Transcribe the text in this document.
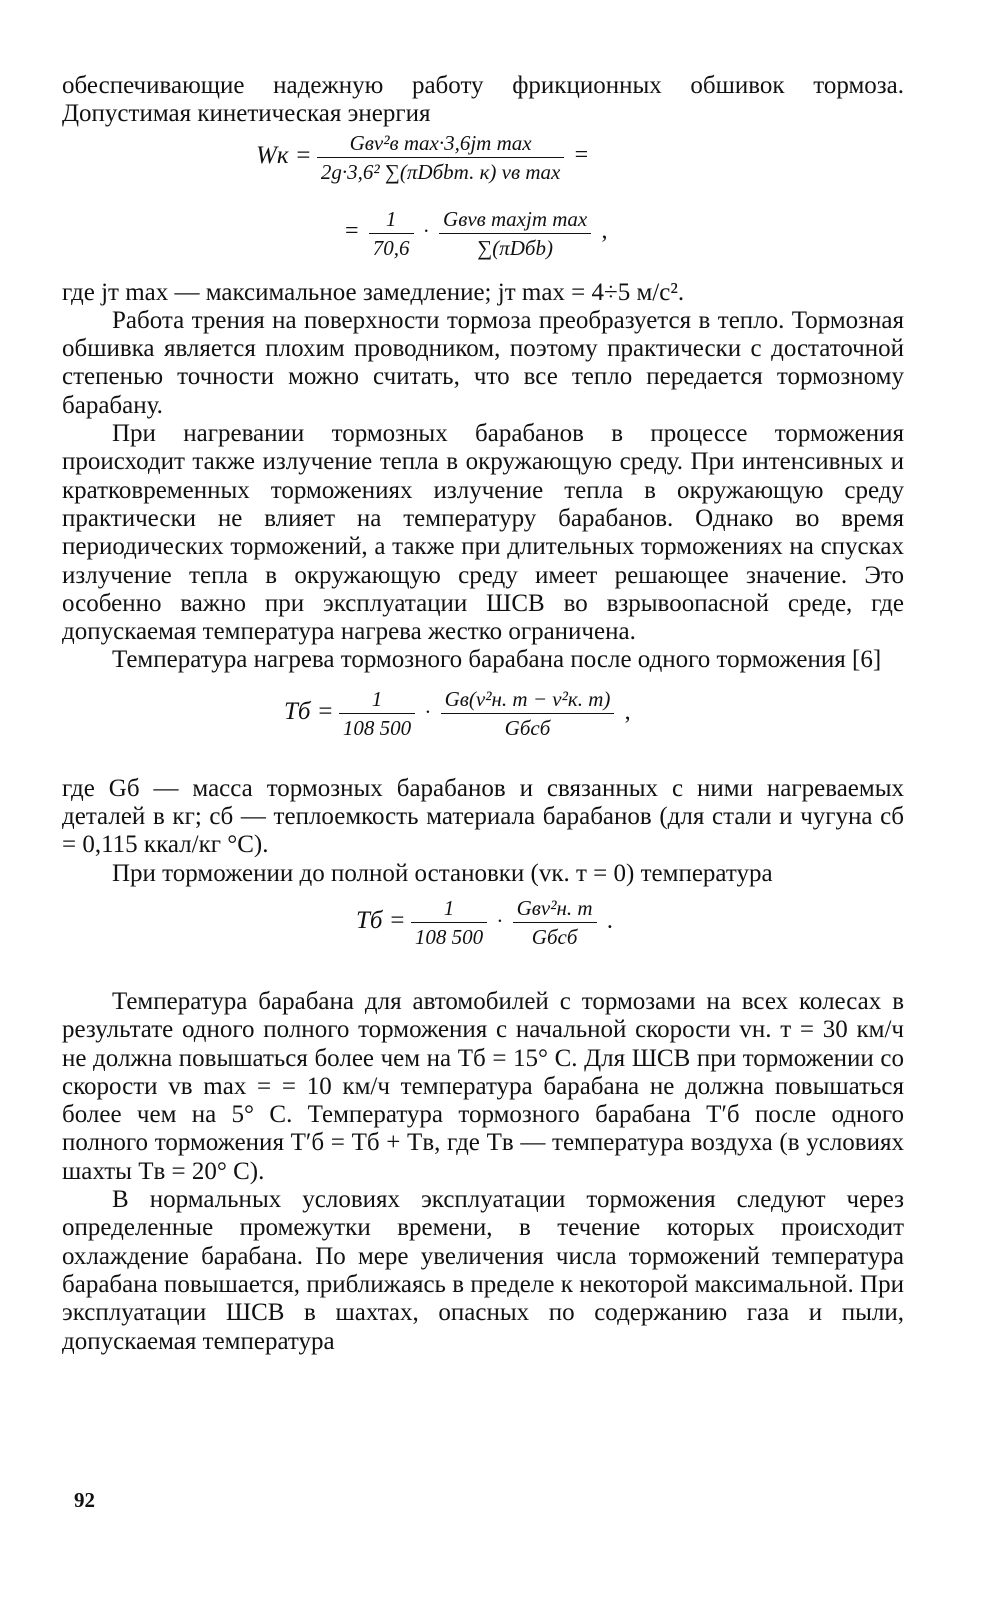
обеспечивающие надежную работу фрикционных обшивок тормоза. Допустимая кинетическая энергия

Wк = $\frac{\text{Gвv²в max·3,6jт max}}{\text{2g·3,6² ∑(πDбbт. к) vв max}}$ =
= $\frac{1}{70,6} \cdot \frac{\text{Gвvв maxjт max}}{\text{∑(πDбb)}}$ ,

где jт max — максимальное замедление; jт max = 4÷5 м/с².

Работа трения на поверхности тормоза преобразуется в тепло. Тормозная обшивка является плохим проводником, поэтому практически с достаточной степенью точности можно считать, что все тепло передается тормозному барабану.

При нагревании тормозных барабанов в процессе торможения происходит также излучение тепла в окружающую среду. При интенсивных и кратковременных торможениях излучение тепла в окружающую среду практически не влияет на температуру барабанов. Однако во время периодических торможений, а также при длительных торможениях на спусках излучение тепла в окружающую среду имеет решающее значение. Это особенно важно при эксплуатации ШСВ во взрывоопасной среде, где допускаемая температура нагрева жестко ограничена.

Температура нагрева тормозного барабана после одного торможения [6]

Tб = $\frac{1}{108 500} \cdot \frac{\text{Gв(v²н. т − v²к. т)}}{\text{Gбcб}}$ ,

где Gб — масса тормозных барабанов и связанных с ними нагреваемых деталей в кг; cб — теплоемкость материала барабанов (для стали и чугуна cб = 0,115 ккал/кг °С).

При торможении до полной остановки (vк. т = 0) температура

Tб = $\frac{1}{108 500} \cdot \frac{\text{Gвv²н. т}}{\text{Gбcб}}$ .

Температура барабана для автомобилей с тормозами на всех колесах в результате одного полного торможения с начальной скорости vн. т = 30 км/ч не должна повышаться более чем на Tб = 15° С. Для ШСВ при торможении со скорости vв max = = 10 км/ч температура барабана не должна повышаться более чем на 5° С. Температура тормозного барабана T′б после одного полного торможения T′б = Tб + Tв, где Tв — температура воздуха (в условиях шахты Tв = 20° С).

В нормальных условиях эксплуатации торможения следуют через определенные промежутки времени, в течение которых происходит охлаждение барабана. По мере увеличения числа торможений температура барабана повышается, приближаясь в пределе к некоторой максимальной. При эксплуатации ШСВ в шахтах, опасных по содержанию газа и пыли, допускаемая температура

92
